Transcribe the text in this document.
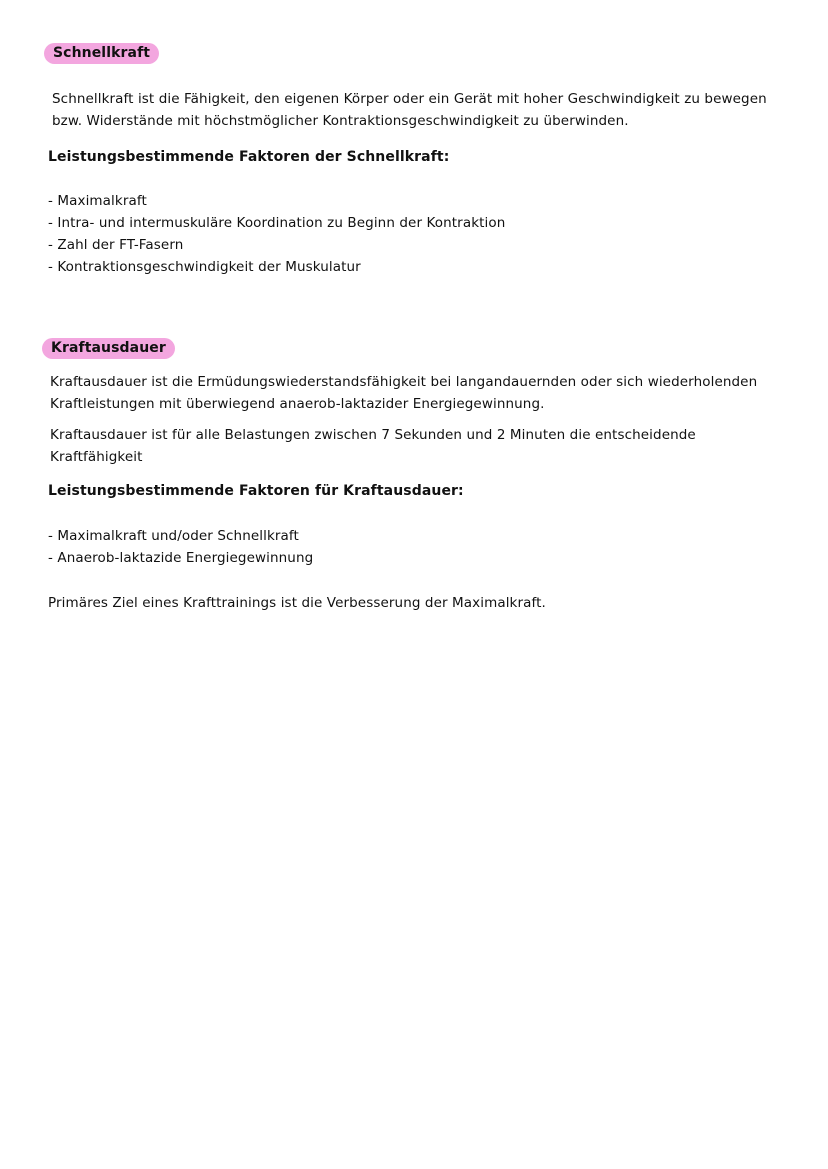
Schnellkraft

Schnellkraft ist die Fähigkeit, den eigenen Körper oder ein Gerät mit hoher Geschwindigkeit zu bewegen

bzw. Widerstände mit höchstmöglicher Kontraktionsgeschwindigkeit zu überwinden.

Leistungsbestimmende Faktoren der Schnellkraft:
- Maximalkraft
- Intra- und intermuskuläre Koordination zu Beginn der Kontraktion
- Zahl der FT-Fasern
- Kontraktionsgeschwindigkeit der Muskulatur
Kraftausdauer

Kraftausdauer ist die Ermüdungswiederstandsfähigkeit bei langandauernden oder sich wiederholenden

Kraftleistungen mit überwiegend anaerob-laktazider Energiegewinnung.

Kraftausdauer ist für alle Belastungen zwischen 7 Sekunden und 2 Minuten die entscheidende

Kraftfähigkeit

Leistungsbestimmende Faktoren für Kraftausdauer:
- Maximalkraft und/oder Schnellkraft
- Anaerob-laktazide Energiegewinnung
Primäres Ziel eines Krafttrainings ist die Verbesserung der Maximalkraft.
